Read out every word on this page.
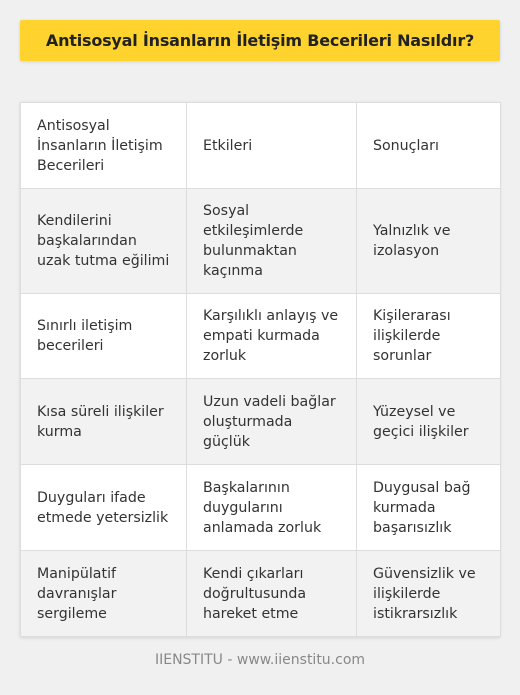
Antisosyal İnsanların İletişim Becerileri Nasıldır?
Antisosyal İnsanların İletişim Becerileri	Etkileri	Sonuçları
Kendilerini başkalarından uzak tutma eğilimi	Sosyal etkileşimlerde bulunmaktan kaçınma	Yalnızlık ve izolasyon
Sınırlı iletişim becerileri	Karşılıklı anlayış ve empati kurmada zorluk	Kişilerarası ilişkilerde sorunlar
Kısa süreli ilişkiler kurma	Uzun vadeli bağlar oluşturmada güçlük	Yüzeysel ve geçici ilişkiler
Duyguları ifade etmede yetersizlik	Başkalarının duygularını anlamada zorluk	Duygusal bağ kurmada başarısızlık
Manipülatif davranışlar sergileme	Kendi çıkarları doğrultusunda hareket etme	Güvensizlik ve ilişkilerde istikrarsızlık
IIENSTITU - www.iienstitu.com
